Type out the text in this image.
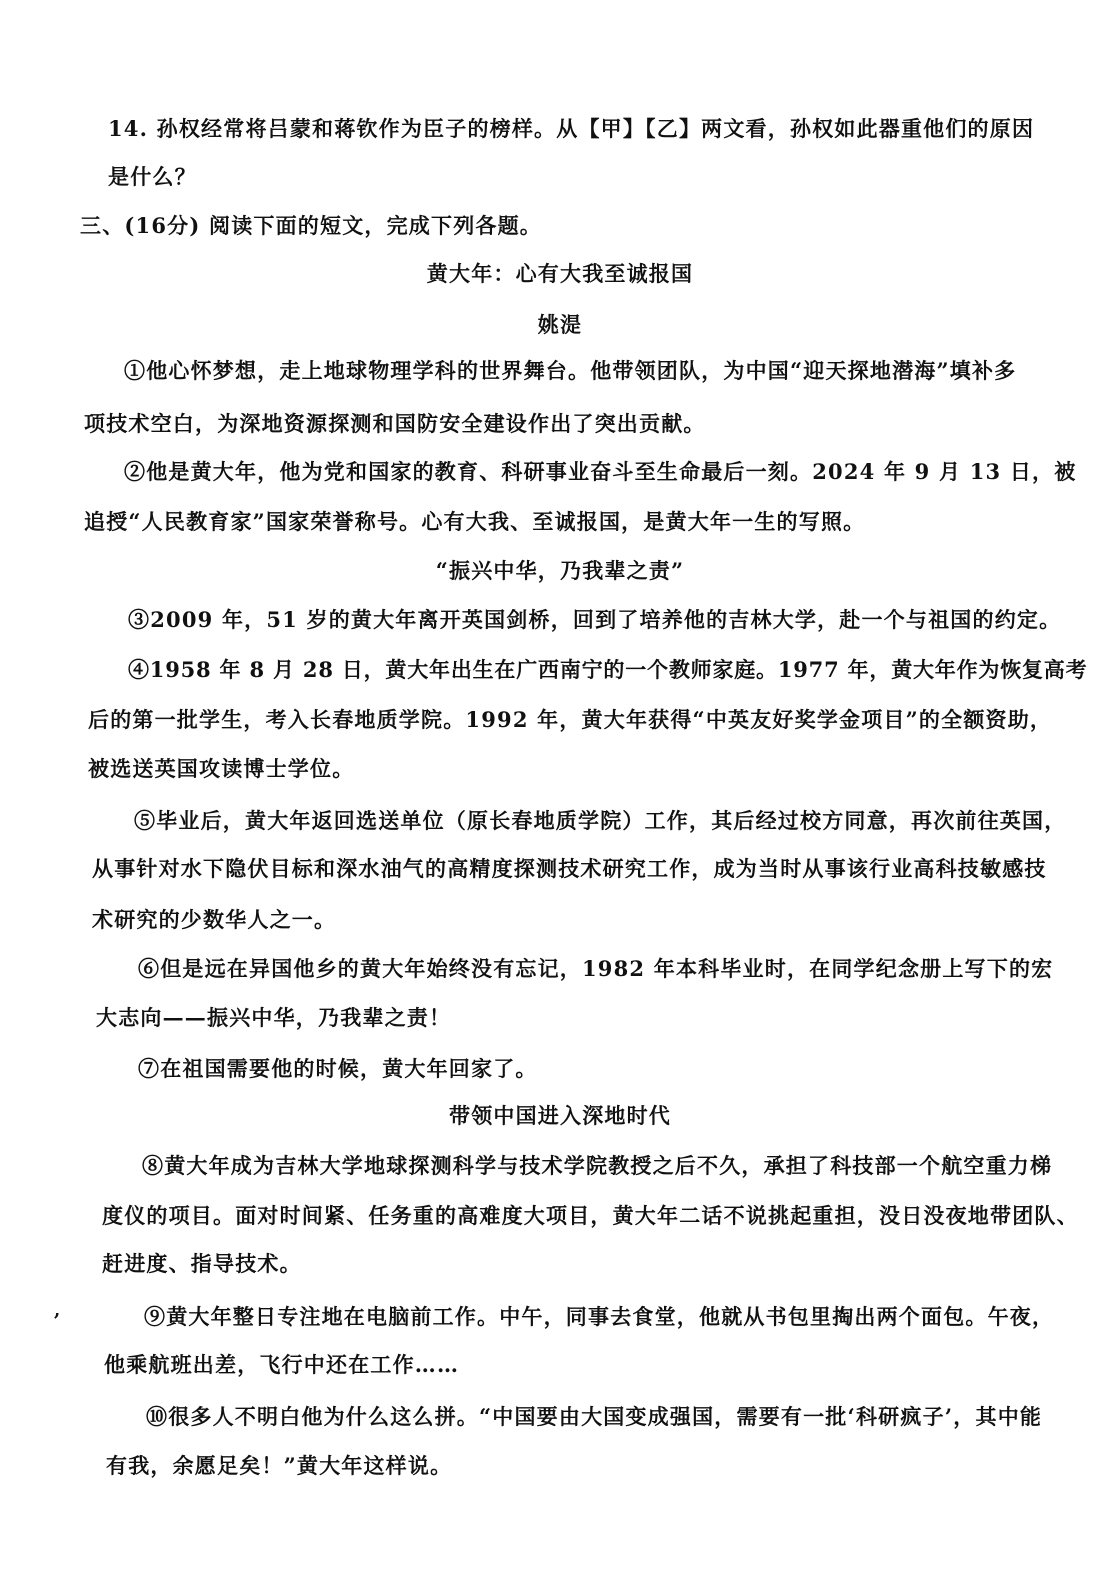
14. 孙权经常将吕蒙和蒋钦作为臣子的榜样。从【甲】【乙】两文看，孙权如此器重他们的原因
是什么？
三、(16分) 阅读下面的短文，完成下列各题。
黄大年：心有大我至诚报国
姚湜
①他心怀梦想，走上地球物理学科的世界舞台。他带领团队，为中国“迎天探地潜海”填补多
项技术空白，为深地资源探测和国防安全建设作出了突出贡献。
②他是黄大年，他为党和国家的教育、科研事业奋斗至生命最后一刻。2024 年 9 月 13 日，被
追授“人民教育家”国家荣誉称号。心有大我、至诚报国，是黄大年一生的写照。
“振兴中华，乃我辈之责”
③2009 年，51 岁的黄大年离开英国剑桥，回到了培养他的吉林大学，赴一个与祖国的约定。
④1958 年 8 月 28 日，黄大年出生在广西南宁的一个教师家庭。1977 年，黄大年作为恢复高考
后的第一批学生，考入长春地质学院。1992 年，黄大年获得“中英友好奖学金项目”的全额资助，
被选送英国攻读博士学位。
⑤毕业后，黄大年返回选送单位（原长春地质学院）工作，其后经过校方同意，再次前往英国，
从事针对水下隐伏目标和深水油气的高精度探测技术研究工作，成为当时从事该行业高科技敏感技
术研究的少数华人之一。
⑥但是远在异国他乡的黄大年始终没有忘记，1982 年本科毕业时，在同学纪念册上写下的宏
大志向——振兴中华，乃我辈之责！
⑦在祖国需要他的时候，黄大年回家了。
带领中国进入深地时代
⑧黄大年成为吉林大学地球探测科学与技术学院教授之后不久，承担了科技部一个航空重力梯
度仪的项目。面对时间紧、任务重的高难度大项目，黄大年二话不说挑起重担，没日没夜地带团队、
赶进度、指导技术。
,	⑨黄大年整日专注地在电脑前工作。中午，同事去食堂，他就从书包里掏出两个面包。午夜，
他乘航班出差，飞行中还在工作……
⑩很多人不明白他为什么这么拼。“中国要由大国变成强国，需要有一批‘科研疯子’，其中能
有我，余愿足矣！”黄大年这样说。
